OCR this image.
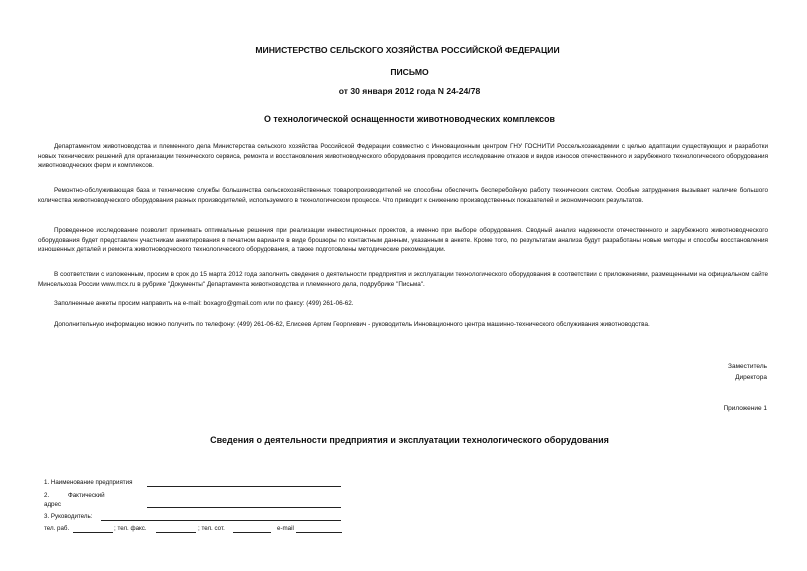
МИНИСТЕРСТВО СЕЛЬСКОГО ХОЗЯЙСТВА РОССИЙСКОЙ ФЕДЕРАЦИИ
ПИСЬМО
от 30 января 2012 года N 24-24/78
О технологической оснащенности животноводческих комплексов

Департаментом животноводства и племенного дела Министерства сельского хозяйства Российской Федерации совместно с Инновационным центром ГНУ ГОСНИТИ Россельхозакадемии с целью адаптации существующих и разработки новых технических решений для организации технического сервиса, ремонта и восстановления животноводческого оборудования проводится исследование отказов и видов износов отечественного и зарубежного технологического оборудования животноводческих ферм и комплексов.

Ремонтно-обслуживающая база и технические службы большинства сельскохозяйственных товаропроизводителей не способны обеспечить бесперебойную работу технических систем. Особые затруднения вызывает наличие большого количества животноводческого оборудования разных производителей, используемого в технологическом процессе. Что приводит к снижению производственных показателей и экономических результатов.

Проведенное исследование позволит принимать оптимальные решения при реализации инвестиционных проектов, а именно при выборе оборудования. Сводный анализ надежности отечественного и зарубежного животноводческого оборудования будет представлен участникам анкетирования в печатном варианте в виде брошюры по контактным данным, указанным в анкете. Кроме того, по результатам анализа будут разработаны новые методы и способы восстановления изношенных деталей и ремонта животноводческого технологического оборудования, а также подготовлены методические рекомендации.

В соответствии с изложенным, просим в срок до 15 марта 2012 года заполнить сведения о деятельности предприятия и эксплуатации технологического оборудования в соответствии с приложениями, размещенными на официальном сайте Минсельхоза России www.mcx.ru в рубрике "Документы" Департамента животноводства и племенного дела, подрубрике "Письма".

Заполненные анкеты просим направить на e-mail: boxagro@gmail.com или по факсу: (499) 261-06-62.

Дополнительную информацию можно получить по телефону: (499) 261-06-62, Елисеев Артем Георгиевич - руководитель Инновационного центра машинно-технического обслуживания животноводства.

Заместитель
Директора
Приложение 1
Сведения о деятельности предприятия и эксплуатации технологического оборудования
1. Наименование предприятия
2.	Фактический
адрес
3. Руководитель:
тел. раб.	; тел. факс.	; тел. сот.	e-mail
